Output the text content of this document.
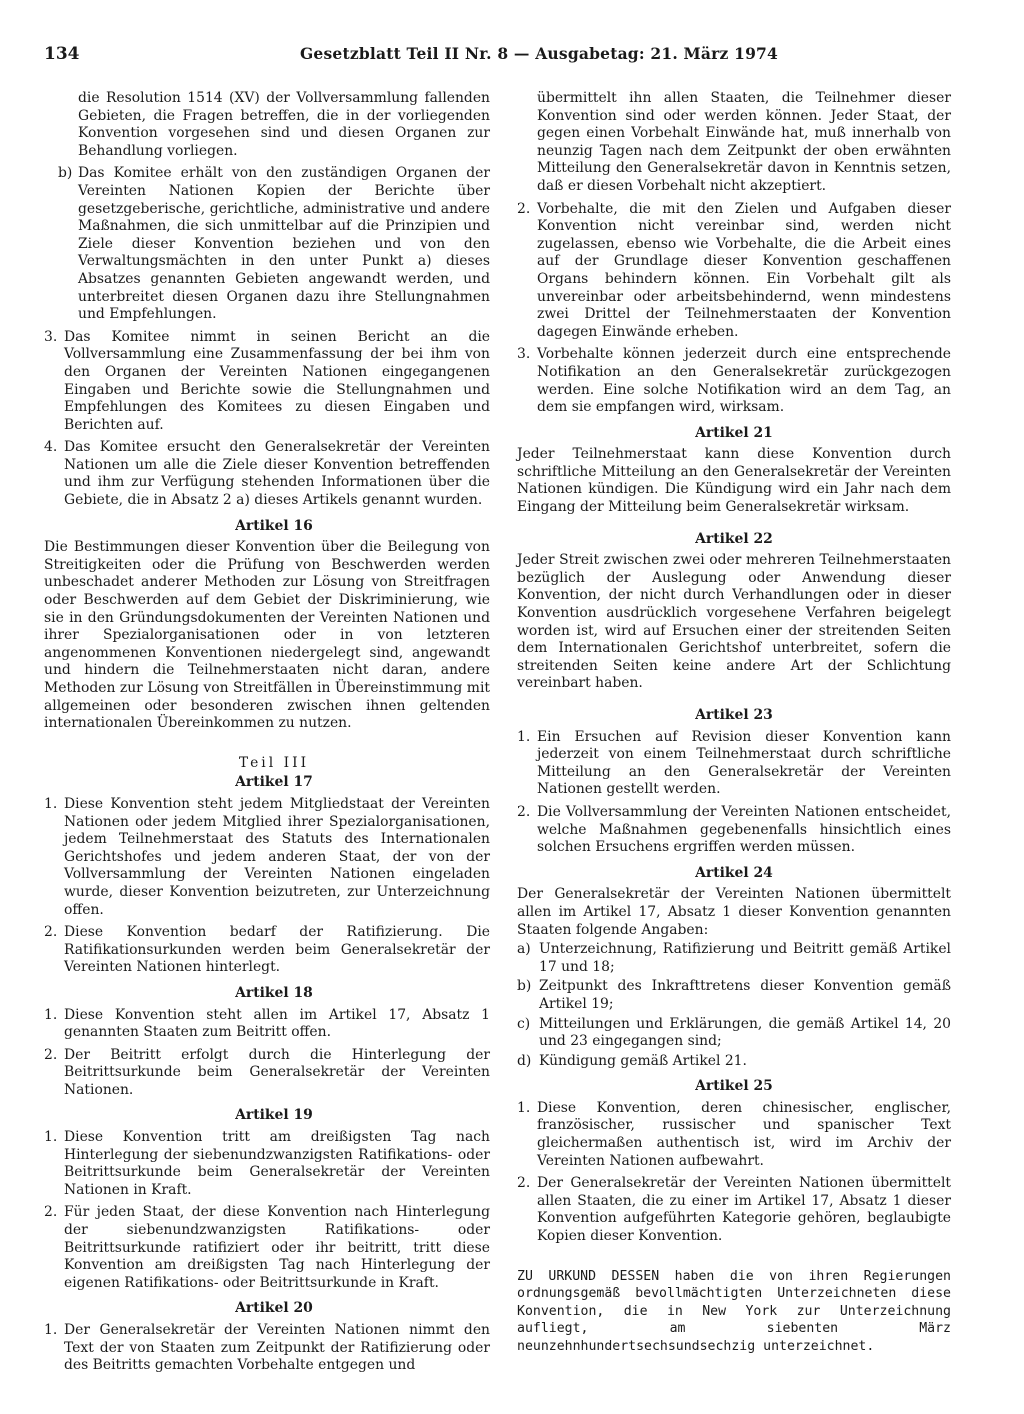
134	Gesetzblatt Teil II Nr. 8 — Ausgabetag: 21. März 1974
die Resolution 1514 (XV) der Vollversammlung fallenden Gebieten, die Fragen betreffen, die in der vorliegenden Konvention vorgesehen sind und diesen Organen zur Behandlung vorliegen.
b) Das Komitee erhält von den zuständigen Organen der Vereinten Nationen Kopien der Berichte über gesetzgeberische, gerichtliche, administrative und andere Maßnahmen, die sich unmittelbar auf die Prinzipien und Ziele dieser Konvention beziehen und von den Verwaltungsmächten in den unter Punkt a) dieses Absatzes genannten Gebieten angewandt werden, und unterbreitet diesen Organen dazu ihre Stellungnahmen und Empfehlungen.
3. Das Komitee nimmt in seinen Bericht an die Vollversammlung eine Zusammenfassung der bei ihm von den Organen der Vereinten Nationen eingegangenen Eingaben und Berichte sowie die Stellungnahmen und Empfehlungen des Komitees zu diesen Eingaben und Berichten auf.
4. Das Komitee ersucht den Generalsekretär der Vereinten Nationen um alle die Ziele dieser Konvention betreffenden und ihm zur Verfügung stehenden Informationen über die Gebiete, die in Absatz 2 a) dieses Artikels genannt wurden.
Artikel 16
Die Bestimmungen dieser Konvention über die Beilegung von Streitigkeiten oder die Prüfung von Beschwerden werden unbeschadet anderer Methoden zur Lösung von Streitfragen oder Beschwerden auf dem Gebiet der Diskriminierung, wie sie in den Gründungsdokumenten der Vereinten Nationen und ihrer Spezialorganisationen oder in von letzteren angenommenen Konventionen niedergelegt sind, angewandt und hindern die Teilnehmerstaaten nicht daran, andere Methoden zur Lösung von Streitfällen in Übereinstimmung mit allgemeinen oder besonderen zwischen ihnen geltenden internationalen Übereinkommen zu nutzen.
Teil III
Artikel 17
1. Diese Konvention steht jedem Mitgliedstaat der Vereinten Nationen oder jedem Mitglied ihrer Spezialorganisationen, jedem Teilnehmerstaat des Statuts des Internationalen Gerichtshofes und jedem anderen Staat, der von der Vollversammlung der Vereinten Nationen eingeladen wurde, dieser Konvention beizutreten, zur Unterzeichnung offen.
2. Diese Konvention bedarf der Ratifizierung. Die Ratifikationsurkunden werden beim Generalsekretär der Vereinten Nationen hinterlegt.
Artikel 18
1. Diese Konvention steht allen im Artikel 17, Absatz 1 genannten Staaten zum Beitritt offen.
2. Der Beitritt erfolgt durch die Hinterlegung der Beitrittsurkunde beim Generalsekretär der Vereinten Nationen.
Artikel 19
1. Diese Konvention tritt am dreißigsten Tag nach Hinterlegung der siebenundzwanzigsten Ratifikations- oder Beitrittsurkunde beim Generalsekretär der Vereinten Nationen in Kraft.
2. Für jeden Staat, der diese Konvention nach Hinterlegung der siebenundzwanzigsten Ratifikations- oder Beitrittsurkunde ratifiziert oder ihr beitritt, tritt diese Konvention am dreißigsten Tag nach Hinterlegung der eigenen Ratifikations- oder Beitrittsurkunde in Kraft.
Artikel 20
1. Der Generalsekretär der Vereinten Nationen nimmt den Text der von Staaten zum Zeitpunkt der Ratifizierung oder des Beitritts gemachten Vorbehalte entgegen und
übermittelt ihn allen Staaten, die Teilnehmer dieser Konvention sind oder werden können. Jeder Staat, der gegen einen Vorbehalt Einwände hat, muß innerhalb von neunzig Tagen nach dem Zeitpunkt der oben erwähnten Mitteilung den Generalsekretär davon in Kenntnis setzen, daß er diesen Vorbehalt nicht akzeptiert.
2. Vorbehalte, die mit den Zielen und Aufgaben dieser Konvention nicht vereinbar sind, werden nicht zugelassen, ebenso wie Vorbehalte, die die Arbeit eines auf der Grundlage dieser Konvention geschaffenen Organs behindern können. Ein Vorbehalt gilt als unvereinbar oder arbeitsbehindernd, wenn mindestens zwei Drittel der Teilnehmerstaaten der Konvention dagegen Einwände erheben.
3. Vorbehalte können jederzeit durch eine entsprechende Notifikation an den Generalsekretär zurückgezogen werden. Eine solche Notifikation wird an dem Tag, an dem sie empfangen wird, wirksam.
Artikel 21
Jeder Teilnehmerstaat kann diese Konvention durch schriftliche Mitteilung an den Generalsekretär der Vereinten Nationen kündigen. Die Kündigung wird ein Jahr nach dem Eingang der Mitteilung beim Generalsekretär wirksam.
Artikel 22
Jeder Streit zwischen zwei oder mehreren Teilnehmerstaaten bezüglich der Auslegung oder Anwendung dieser Konvention, der nicht durch Verhandlungen oder in dieser Konvention ausdrücklich vorgesehene Verfahren beigelegt worden ist, wird auf Ersuchen einer der streitenden Seiten dem Internationalen Gerichtshof unterbreitet, sofern die streitenden Seiten keine andere Art der Schlichtung vereinbart haben.
Artikel 23
1. Ein Ersuchen auf Revision dieser Konvention kann jederzeit von einem Teilnehmerstaat durch schriftliche Mitteilung an den Generalsekretär der Vereinten Nationen gestellt werden.
2. Die Vollversammlung der Vereinten Nationen entscheidet, welche Maßnahmen gegebenenfalls hinsichtlich eines solchen Ersuchens ergriffen werden müssen.
Artikel 24
Der Generalsekretär der Vereinten Nationen übermittelt allen im Artikel 17, Absatz 1 dieser Konvention genannten Staaten folgende Angaben:
a) Unterzeichnung, Ratifizierung und Beitritt gemäß Artikel 17 und 18;
b) Zeitpunkt des Inkrafttretens dieser Konvention gemäß Artikel 19;
c) Mitteilungen und Erklärungen, die gemäß Artikel 14, 20 und 23 eingegangen sind;
d) Kündigung gemäß Artikel 21.
Artikel 25
1. Diese Konvention, deren chinesischer, englischer, französischer, russischer und spanischer Text gleichermaßen authentisch ist, wird im Archiv der Vereinten Nationen aufbewahrt.
2. Der Generalsekretär der Vereinten Nationen übermittelt allen Staaten, die zu einer im Artikel 17, Absatz 1 dieser Konvention aufgeführten Kategorie gehören, beglaubigte Kopien dieser Konvention.
ZU URKUND DESSEN haben die von ihren Regierungen ordnungsgemäß bevollmächtigten Unterzeichneten diese Konvention, die in New York zur Unterzeichnung aufliegt, am siebenten März neunzehnhundertsechsundsechzig unterzeichnet.
